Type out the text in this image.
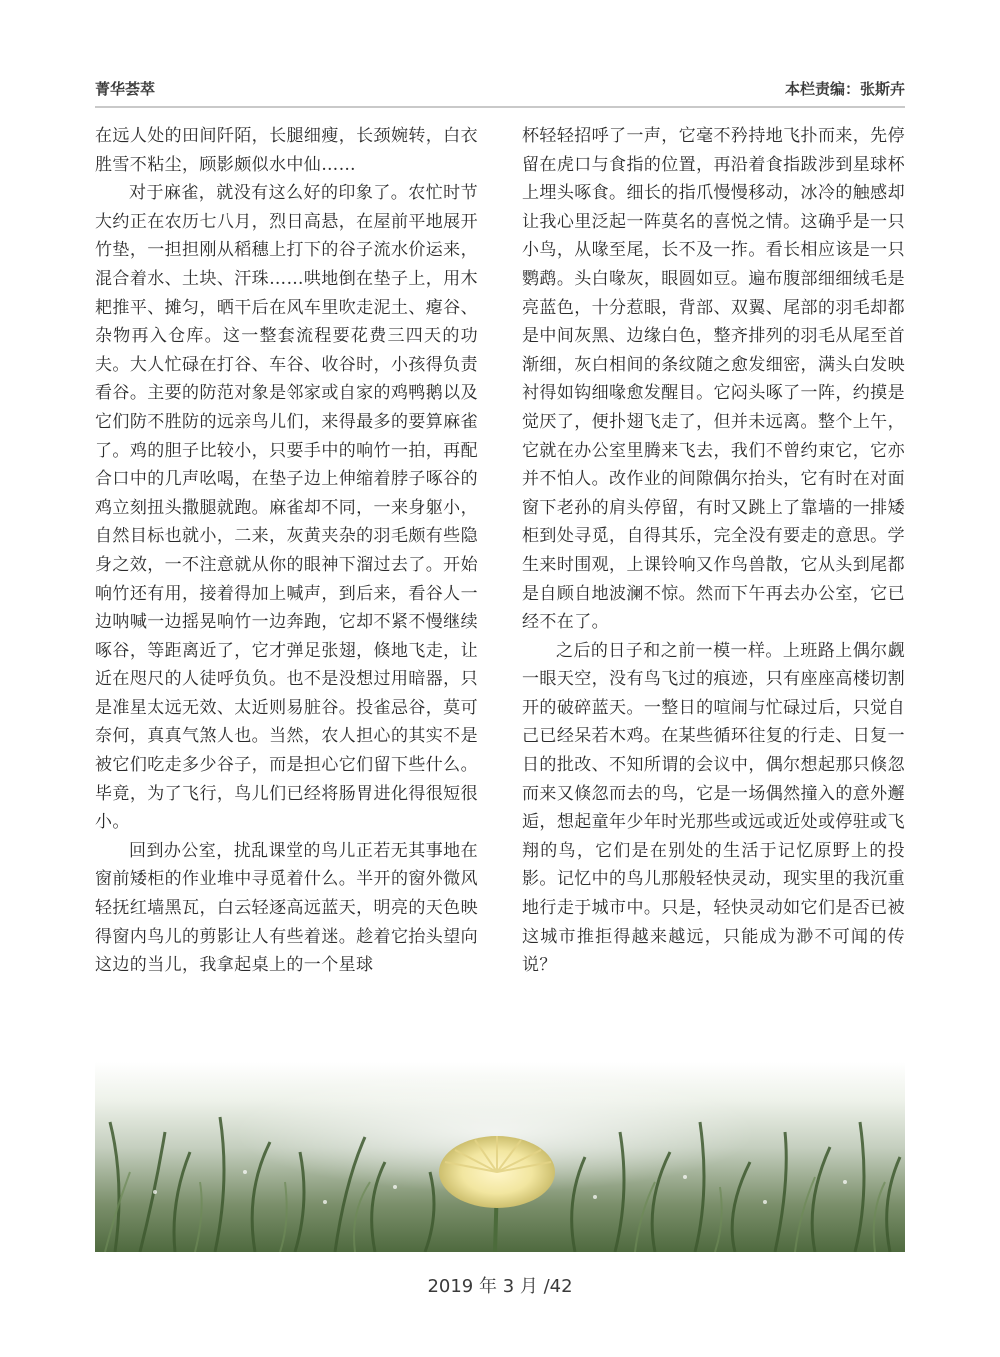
菁华荟萃	本栏责编：张斯卉

在远人处的田间阡陌，长腿细瘦，长颈婉转，白衣胜雪不粘尘，顾影颇似水中仙……

对于麻雀，就没有这么好的印象了。农忙时节大约正在农历七八月，烈日高悬，在屋前平地展开竹垫，一担担刚从稻穗上打下的谷子流水价运来，混合着水、土块、汗珠……哄地倒在垫子上，用木耙推平、摊匀，晒干后在风车里吹走泥土、瘪谷、杂物再入仓库。这一整套流程要花费三四天的功夫。大人忙碌在打谷、车谷、收谷时，小孩得负责看谷。主要的防范对象是邻家或自家的鸡鸭鹅以及它们防不胜防的远亲鸟儿们，来得最多的要算麻雀了。鸡的胆子比较小，只要手中的响竹一拍，再配合口中的几声吆喝，在垫子边上伸缩着脖子啄谷的鸡立刻扭头撒腿就跑。麻雀却不同，一来身躯小，自然目标也就小，二来，灰黄夹杂的羽毛颇有些隐身之效，一不注意就从你的眼神下溜过去了。开始响竹还有用，接着得加上喊声，到后来，看谷人一边呐喊一边摇晃响竹一边奔跑，它却不紧不慢继续啄谷，等距离近了，它才弹足张翅，倏地飞走，让近在咫尺的人徒呼负负。也不是没想过用暗器，只是准星太远无效、太近则易脏谷。投雀忌谷，莫可奈何，真真气煞人也。当然，农人担心的其实不是被它们吃走多少谷子，而是担心它们留下些什么。毕竟，为了飞行，鸟儿们已经将肠胃进化得很短很小。

回到办公室，扰乱课堂的鸟儿正若无其事地在窗前矮柜的作业堆中寻觅着什么。半开的窗外微风轻抚红墙黑瓦，白云轻逐高远蓝天，明亮的天色映得窗内鸟儿的剪影让人有些着迷。趁着它抬头望向这边的当儿，我拿起桌上的一个星球

杯轻轻招呼了一声，它毫不矜持地飞扑而来，先停留在虎口与食指的位置，再沿着食指跋涉到星球杯上埋头啄食。细长的指爪慢慢移动，冰冷的触感却让我心里泛起一阵莫名的喜悦之情。这确乎是一只小鸟，从喙至尾，长不及一拃。看长相应该是一只鹦鹉。头白喙灰，眼圆如豆。遍布腹部细细绒毛是亮蓝色，十分惹眼，背部、双翼、尾部的羽毛却都是中间灰黑、边缘白色，整齐排列的羽毛从尾至首渐细，灰白相间的条纹随之愈发细密，满头白发映衬得如钩细喙愈发醒目。它闷头啄了一阵，约摸是觉厌了，便扑翅飞走了，但并未远离。整个上午，它就在办公室里腾来飞去，我们不曾约束它，它亦并不怕人。改作业的间隙偶尔抬头，它有时在对面窗下老孙的肩头停留，有时又跳上了靠墙的一排矮柜到处寻觅，自得其乐，完全没有要走的意思。学生来时围观，上课铃响又作鸟兽散，它从头到尾都是自顾自地波澜不惊。然而下午再去办公室，它已经不在了。

之后的日子和之前一模一样。上班路上偶尔觑一眼天空，没有鸟飞过的痕迹，只有座座高楼切割开的破碎蓝天。一整日的喧闹与忙碌过后，只觉自己已经呆若木鸡。在某些循环往复的行走、日复一日的批改、不知所谓的会议中，偶尔想起那只倏忽而来又倏忽而去的鸟，它是一场偶然撞入的意外邂逅，想起童年少年时光那些或远或近处或停驻或飞翔的鸟，它们是在别处的生活于记忆原野上的投影。记忆中的鸟儿那般轻快灵动，现实里的我沉重地行走于城市中。只是，轻快灵动如它们是否已被这城市推拒得越来越远，只能成为渺不可闻的传说？

2019 年 3 月 /42
